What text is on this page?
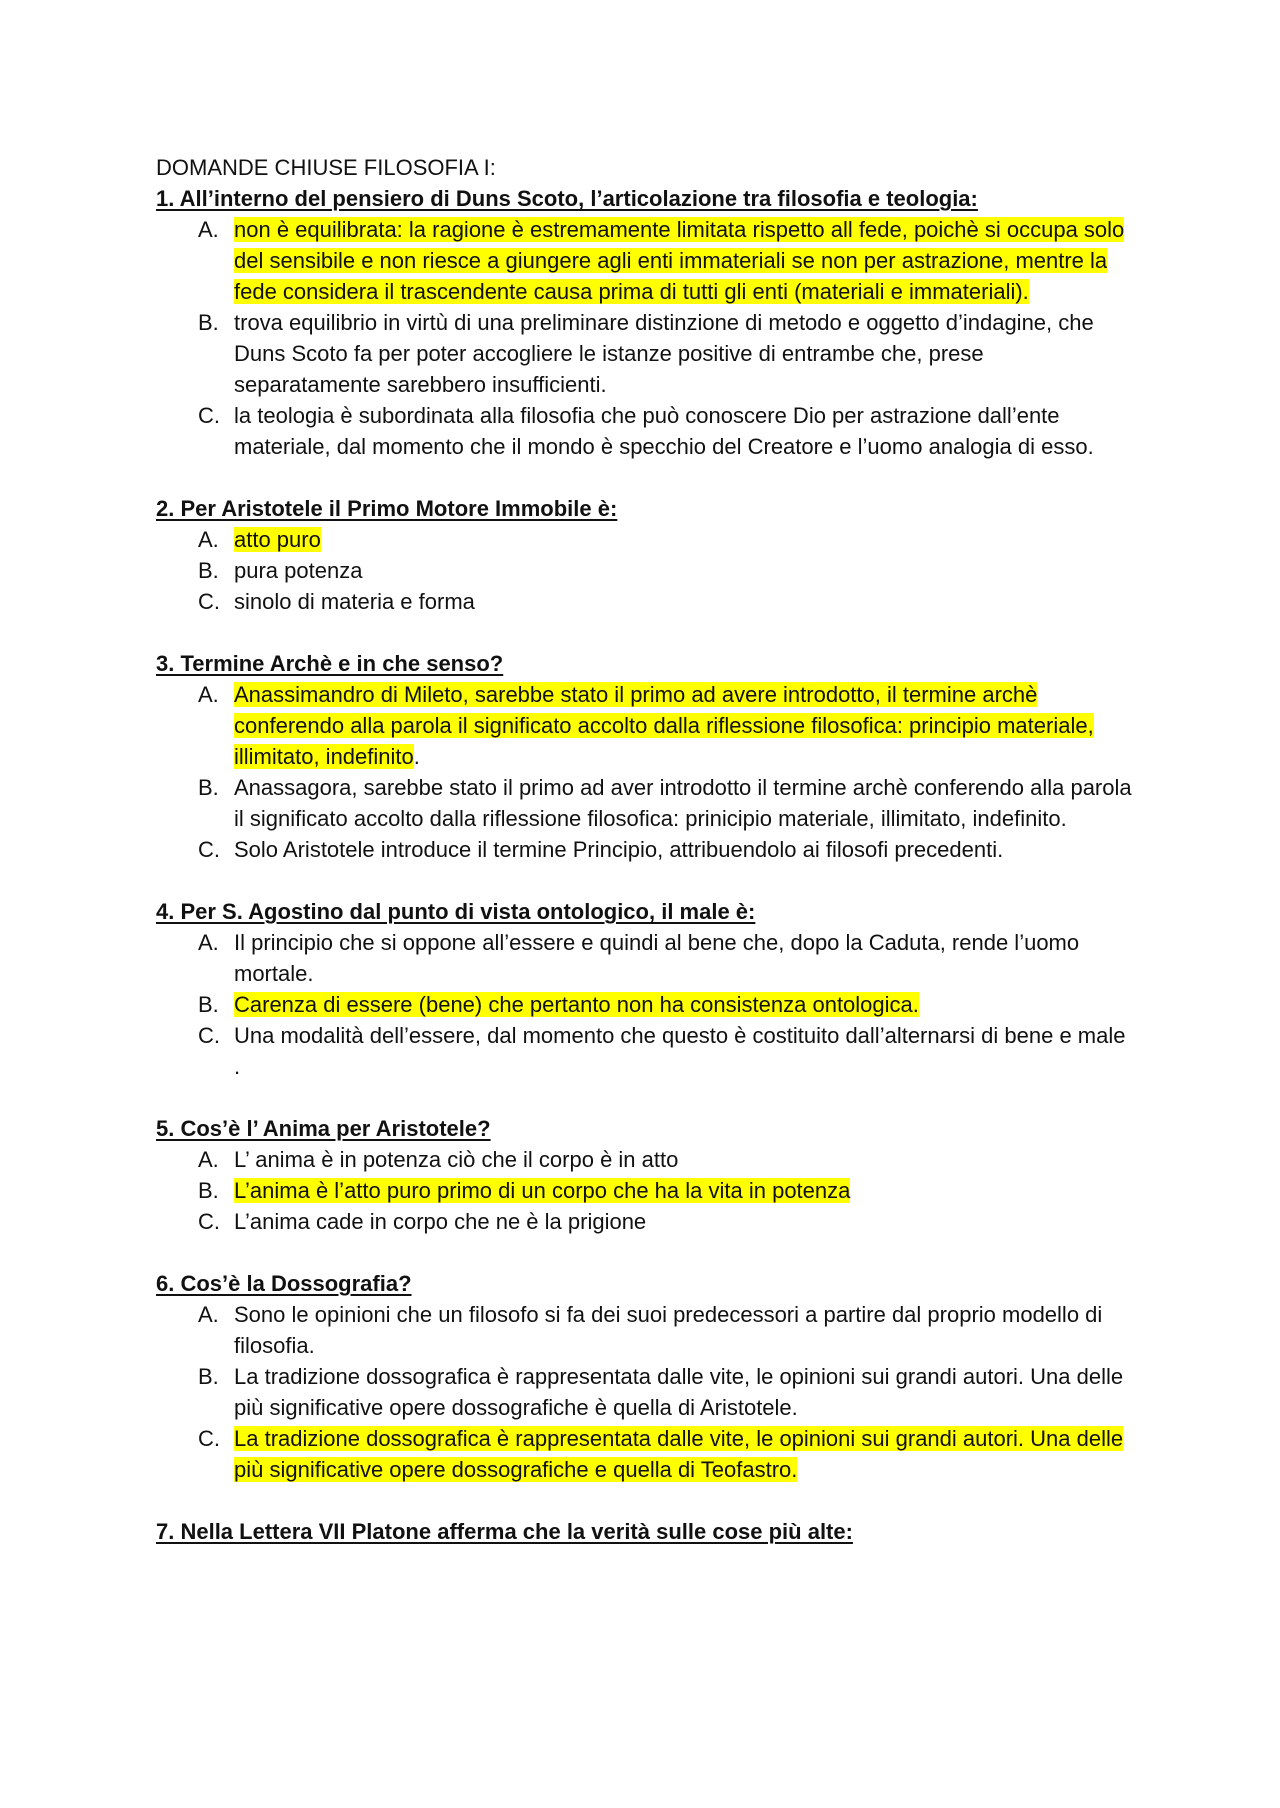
DOMANDE CHIUSE FILOSOFIA I:

1. All’interno del pensiero di Duns Scoto, l’articolazione tra filosofia e teologia:

A. non è equilibrata: la ragione è estremamente limitata rispetto all fede, poichè si occupa solo del sensibile e non riesce a giungere agli enti immateriali se non per astrazione, mentre la fede considera il trascendente causa prima di tutti gli enti (materiali e immateriali).
B. trova equilibrio in virtù di una preliminare distinzione di metodo e oggetto d’indagine, che Duns Scoto fa per poter accogliere le istanze positive di entrambe che, prese separatamente sarebbero insufficienti.
C. la teologia è subordinata alla filosofia che può conoscere Dio per astrazione dall’ente materiale, dal momento che il mondo è specchio del Creatore e l’uomo analogia di esso.

2. Per Aristotele il Primo Motore Immobile è:

A. atto puro
B. pura potenza
C. sinolo di materia e forma

3. Termine Archè e in che senso?

A. Anassimandro di Mileto, sarebbe stato il primo ad avere introdotto, il termine archè conferendo alla parola il significato accolto dalla riflessione filosofica: principio materiale, illimitato, indefinito.
B. Anassagora, sarebbe stato il primo ad aver introdotto il termine archè conferendo alla parola il significato accolto dalla riflessione filosofica: prinicipio materiale, illimitato, indefinito.
C. Solo Aristotele introduce il termine Principio, attribuendolo ai filosofi precedenti.

4. Per S. Agostino dal punto di vista ontologico, il male è:

A. Il principio che si oppone all’essere e quindi al bene che, dopo la Caduta, rende l’uomo mortale.
B. Carenza di essere (bene) che pertanto non ha consistenza ontologica.
C. Una modalità dell’essere, dal momento che questo è costituito dall’alternarsi di bene e male .

5. Cos’è l’ Anima per Aristotele?

A. L’ anima è in potenza ciò che il corpo è in atto
B. L’anima è l’atto puro primo di un corpo che ha la vita in potenza
C. L’anima cade in corpo che ne è la prigione

6. Cos’è la Dossografia?

A. Sono le opinioni che un filosofo si fa dei suoi predecessori a partire dal proprio modello di filosofia.
B. La tradizione dossografica è rappresentata dalle vite, le opinioni sui grandi autori. Una delle più significative opere dossografiche è quella di Aristotele.
C. La tradizione dossografica è rappresentata dalle vite, le opinioni sui grandi autori. Una delle più significative opere dossografiche e quella di Teofastro.

7. Nella Lettera VII Platone afferma che la verità sulle cose più alte:
